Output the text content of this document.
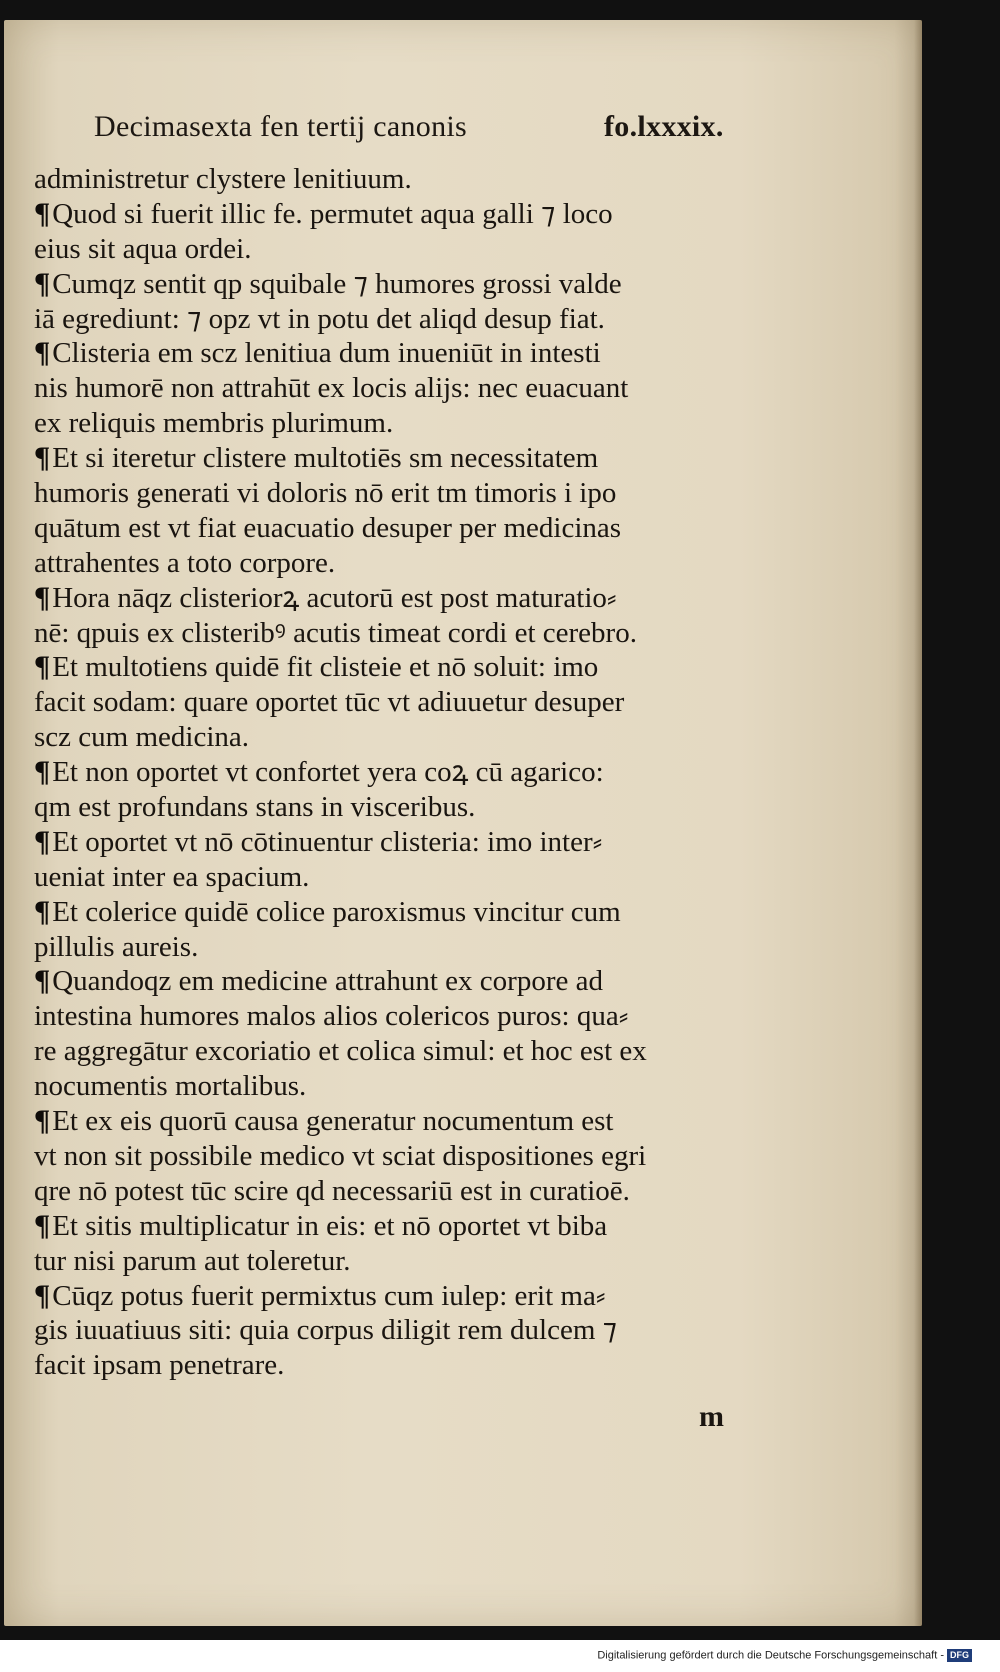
Decimasexta fen tertij canonis	fo.lxxxix.
administretur clystere lenitiuum.
¶Quod si fuerit illic fe. permutet aqua galli ⁊ loco
eius sit aqua ordei.
¶Cumqz sentit qp squibale ⁊ humores grossi valde
iā egrediunt: ⁊ opz vt in potu det aliqd desup fiat.
¶Clisteria em scz lenitiua dum inueniūt in intesti
nis humorē non attrahūt ex locis alijs: nec euacuant
ex reliquis membris plurimum.
¶Et si iteretur clistere multotiēs sm necessitatem
humoris generati vi doloris nō erit tm timoris i ipo
quātum est vt fiat euacuatio desuper per medicinas
attrahentes a toto corpore.
¶Hora nāqz clisteriorꝝ acutorū est post maturatio⸗
nē: qpuis ex clisteribꝰ acutis timeat cordi et cerebro.
¶Et multotiens quidē fit clisteie et nō soluit: imo
facit sodam: quare oportet tūc vt adiuuetur desuper
scz cum medicina.
¶Et non oportet vt confortet yera coꝝ cū agarico:
qm est profundans stans in visceribus.
¶Et oportet vt nō cōtinuentur clisteria: imo inter⸗
ueniat inter ea spacium.
¶Et colerice quidē colice paroxismus vincitur cum
pillulis aureis.
¶Quandoqz em medicine attrahunt ex corpore ad
intestina humores malos alios colericos puros: qua⸗
re aggregātur excoriatio et colica simul: et hoc est ex
nocumentis mortalibus.
¶Et ex eis quorū causa generatur nocumentum est
vt non sit possibile medico vt sciat dispositiones egri
qre nō potest tūc scire qd necessariū est in curatioē.
¶Et sitis multiplicatur in eis: et nō oportet vt biba
tur nisi parum aut toleretur.
¶Cūqz potus fuerit permixtus cum iulep: erit ma⸗
gis iuuatiuus siti: quia corpus diligit rem dulcem ⁊
facit ipsam penetrare.
m
Digitalisierung gefördert durch die Deutsche Forschungsgemeinschaft - DFG
